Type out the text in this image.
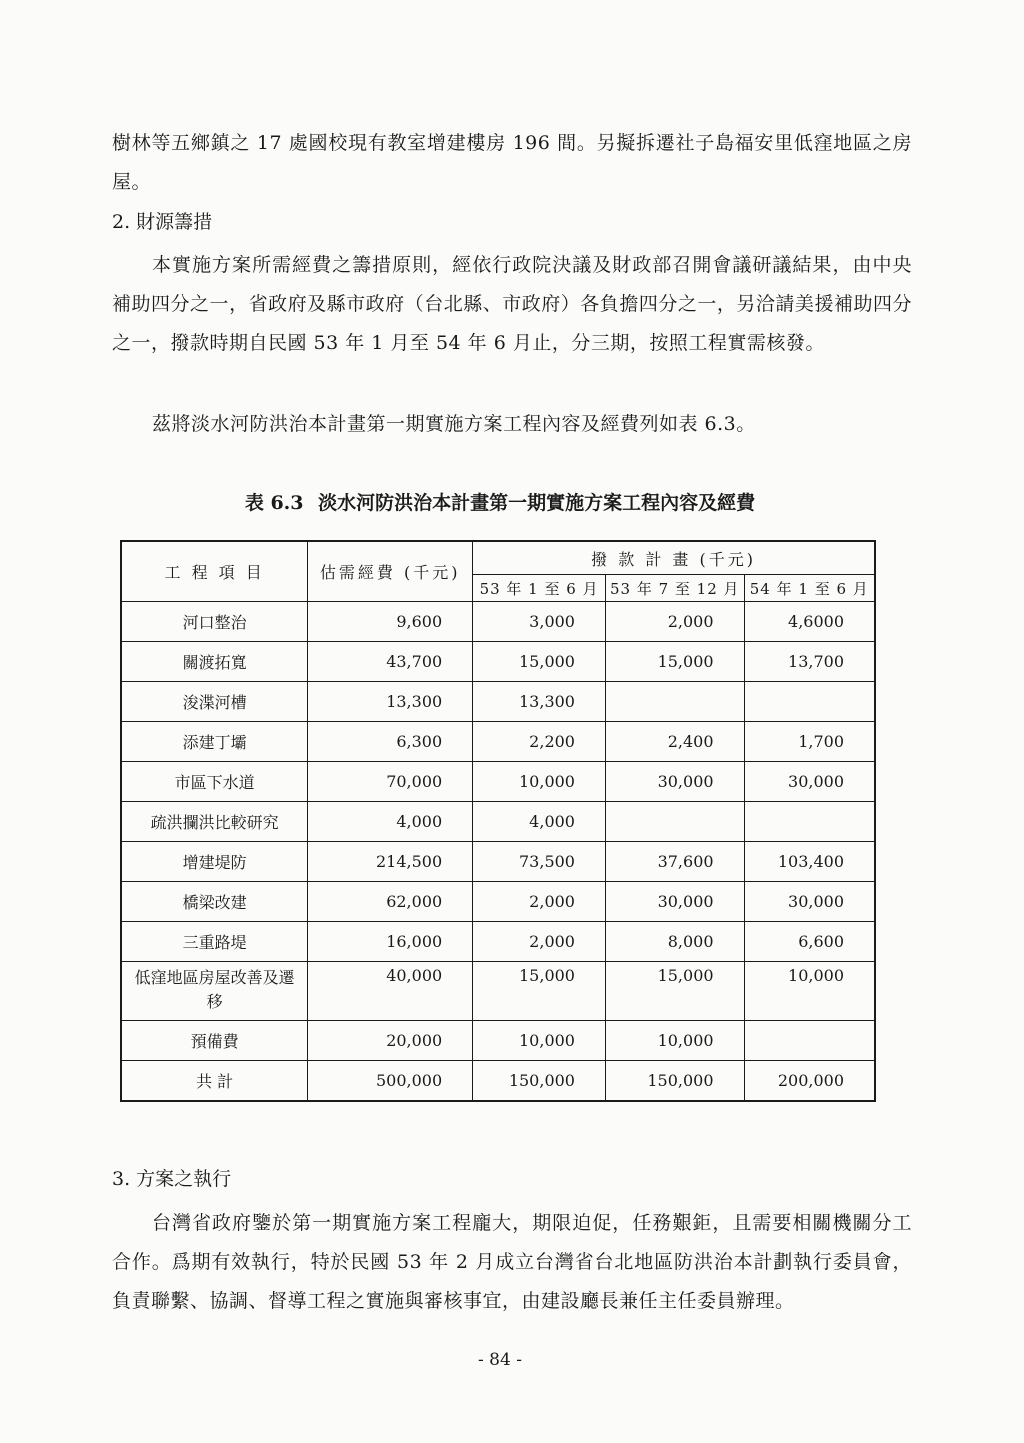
樹林等五鄉鎮之 17 處國校現有教室增建樓房 196 間。另擬拆遷社子島福安里低窪地區之房屋。

2. 財源籌措

本實施方案所需經費之籌措原則，經依行政院決議及財政部召開會議研議結果，由中央補助四分之一，省政府及縣市政府（台北縣、市政府）各負擔四分之一，另洽請美援補助四分之一，撥款時期自民國 53 年 1 月至 54 年 6 月止，分三期，按照工程實需核發。

茲將淡水河防洪治本計畫第一期實施方案工程內容及經費列如表 6.3。

表 6.3 淡水河防洪治本計畫第一期實施方案工程內容及經費

工 程 項 目	估需經費 (千元)	撥 款 計 畫 (千元)		
		53 年 1 至 6 月	53 年 7 至 12 月	54 年 1 至 6 月
河口整治	9,600	3,000	2,000	4,6000
關渡拓寬	43,700	15,000	15,000	13,700
浚渫河槽	13,300	13,300		
添建丁壩	6,300	2,200	2,400	1,700
市區下水道	70,000	10,000	30,000	30,000
疏洪攔洪比較研究	4,000	4,000		
增建堤防	214,500	73,500	37,600	103,400
橋梁改建	62,000	2,000	30,000	30,000
三重路堤	16,000	2,000	8,000	6,600
低窪地區房屋改善及遷移	40,000	15,000	15,000	10,000
預備費	20,000	10,000	10,000	
共 計	500,000	150,000	150,000	200,000

3. 方案之執行

台灣省政府鑒於第一期實施方案工程龐大，期限迫促，任務艱鉅，且需要相關機關分工合作。爲期有效執行，特於民國 53 年 2 月成立台灣省台北地區防洪治本計劃執行委員會，負責聯繫、協調、督導工程之實施與審核事宜，由建設廳長兼任主任委員辦理。

- 84 -
